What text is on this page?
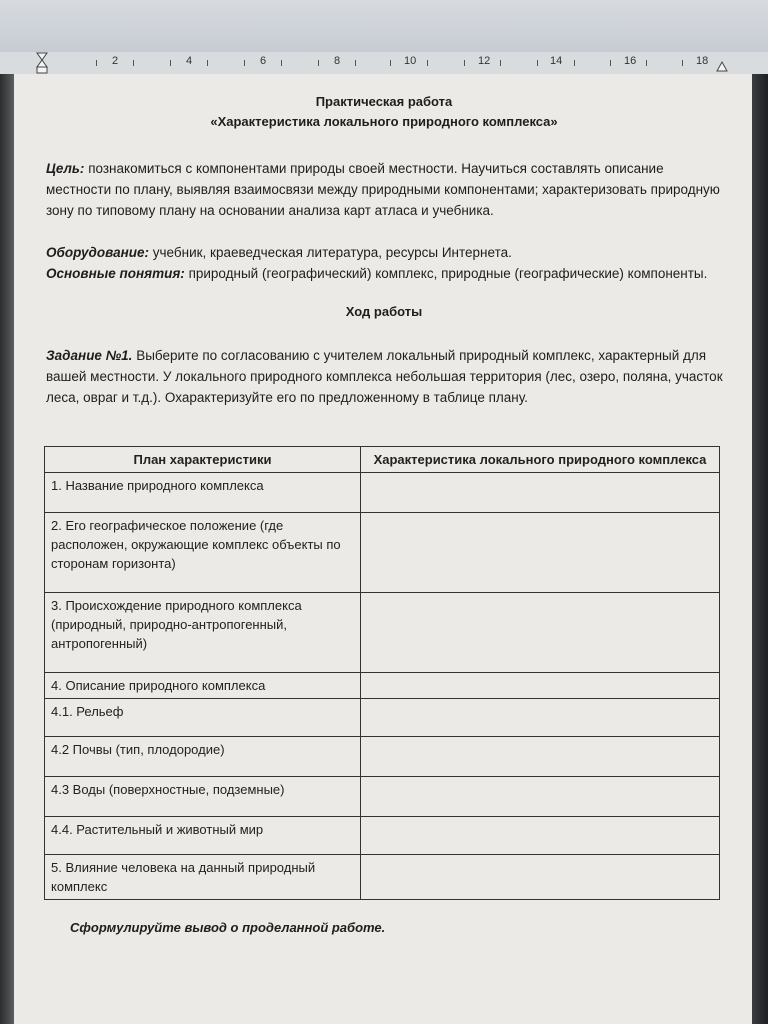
2	4	6	8	10	12	14	16	18
Практическая работа
«Характеристика локального природного комплекса»
Цель: познакомиться с компонентами природы своей местности. Научиться составлять описание местности по плану, выявляя взаимосвязи между природными компонентами; характеризовать природную зону по типовому плану на основании анализа карт атласа и учебника.
Оборудование: учебник, краеведческая литература, ресурсы Интернета.
Основные понятия: природный (географический) комплекс, природные (географические) компоненты.
Ход работы
Задание №1. Выберите по согласованию с учителем локальный природный комплекс, характерный для вашей местности. У локального природного комплекса небольшая территория (лес, озеро, поляна, участок леса, овраг и т.д.). Охарактеризуйте его по предложенному в таблице плану.
План характеристики	Характеристика локального природного комплекса
1. Название природного комплекса	
2. Его географическое положение (где расположен, окружающие комплекс объекты по сторонам горизонта)	
3. Происхождение природного комплекса (природный, природно-антропогенный, антропогенный)	
4. Описание природного комплекса	
4.1. Рельеф	
4.2 Почвы (тип, плодородие)	
4.3 Воды (поверхностные, подземные)	
4.4. Растительный и животный мир	
5. Влияние человека на данный природный комплекс	
Сформулируйте вывод о проделанной работе.
